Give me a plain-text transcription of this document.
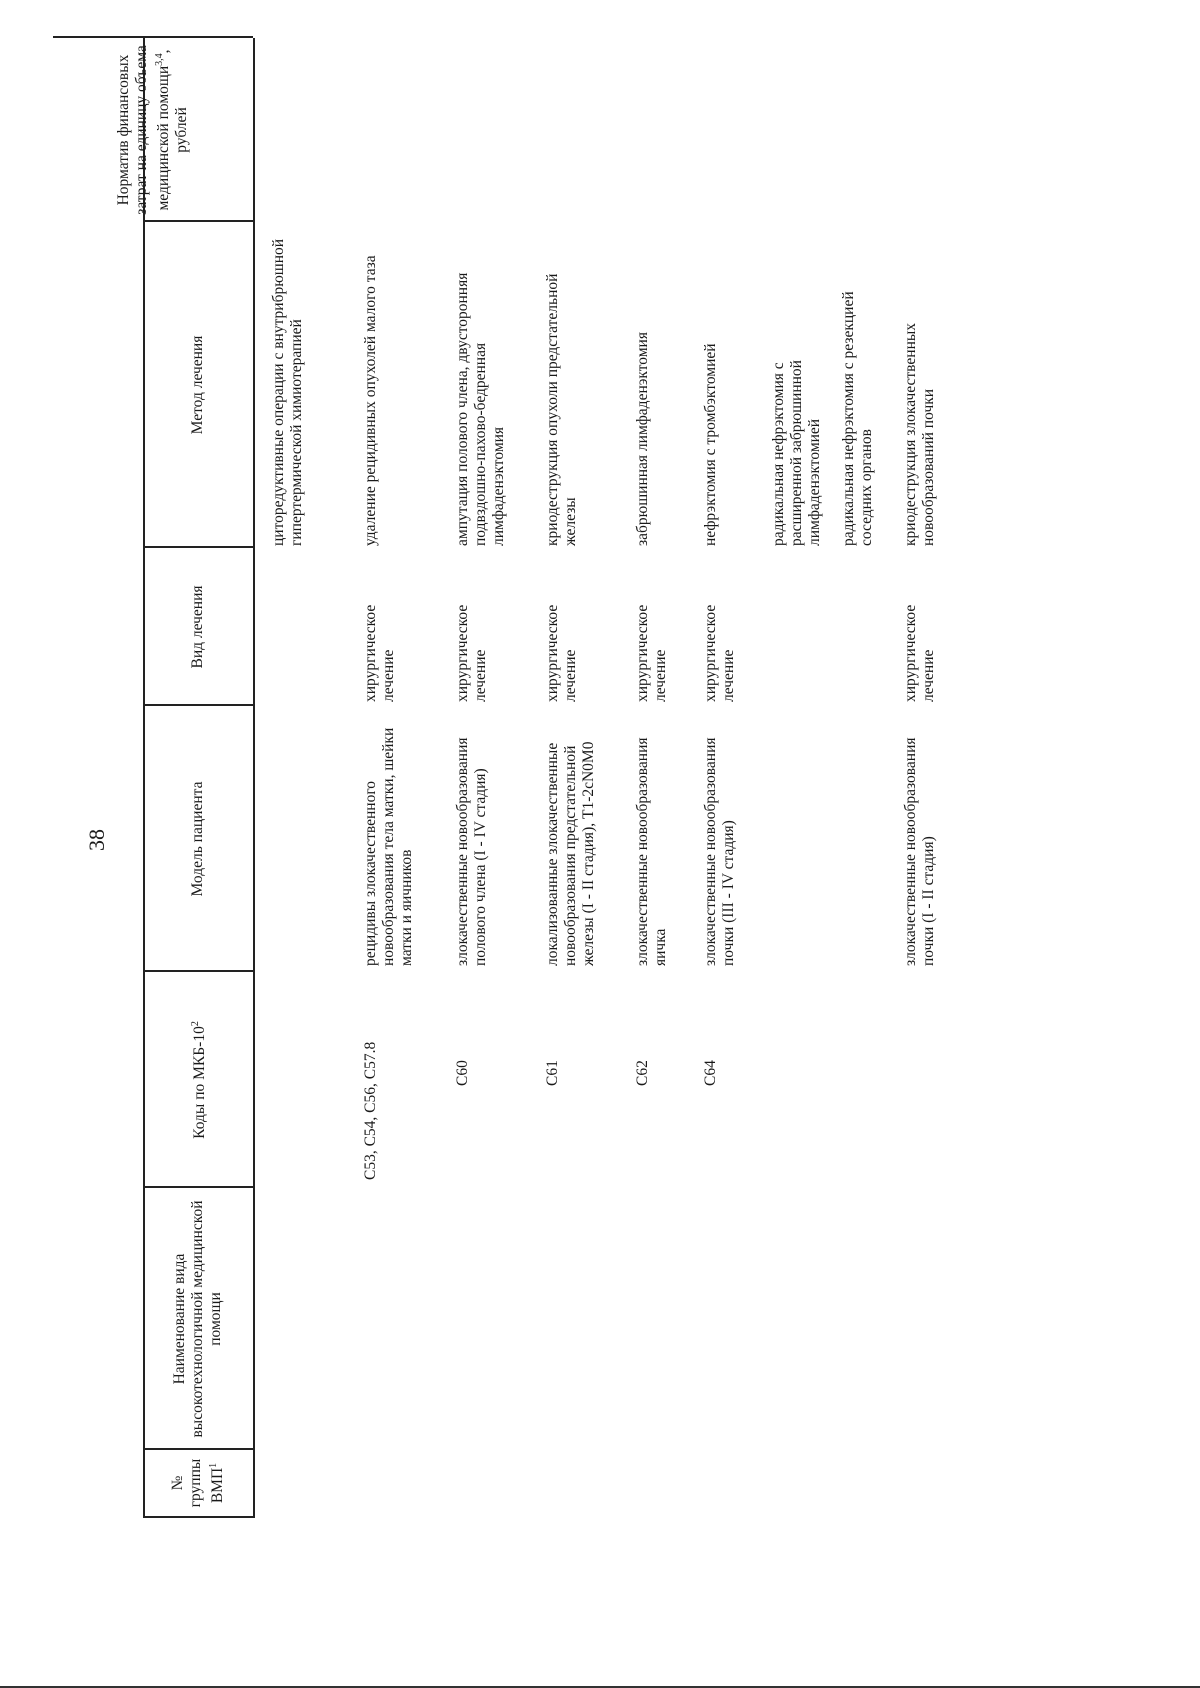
38
№ группы ВМП$^1$
Наименование вида высокотехнологичной медицинской помощи
Коды по МКБ-$10^2$
Модель пациента
Вид лечения
Метод лечения
Норматив финансовых затрат на единицу объема медицинской помощи$^{3,4}$, рублей
циторедуктивные операции с внутрибрюшной гипертермической химиотерапией
С53, С54, С56, С57.8
рецидивы злокачественного новообразования тела матки, шейки матки и яичников
хирургическое лечение
удаление рецидивных опухолей малого таза
С60
злокачественные новообразования полового члена (I - IV стадия)
хирургическое лечение
ампутация полового члена, двусторонняя подвздошно-пахово-бедренная лимфаденэктомия
С61
локализованные злокачественные новообразования предстательной железы (I - II стадия), Т1-2cN0M0
хирургическое лечение
криодеструкция опухоли предстательной железы
С62
злокачественные новообразования яичка
хирургическое лечение
забрюшинная лимфаденэктомия
С64
злокачественные новообразования почки (III - IV стадия)
хирургическое лечение
нефрэктомия с тромбэктомией	радикальная нефрэктомия с расширенной забрюшинной лимфаденэктомией радикальная нефрэктомия с резекцией соседних органов
злокачественные новообразования почки (I - II стадия)
хирургическое лечение
криодеструкция злокачественных новообразований почки
